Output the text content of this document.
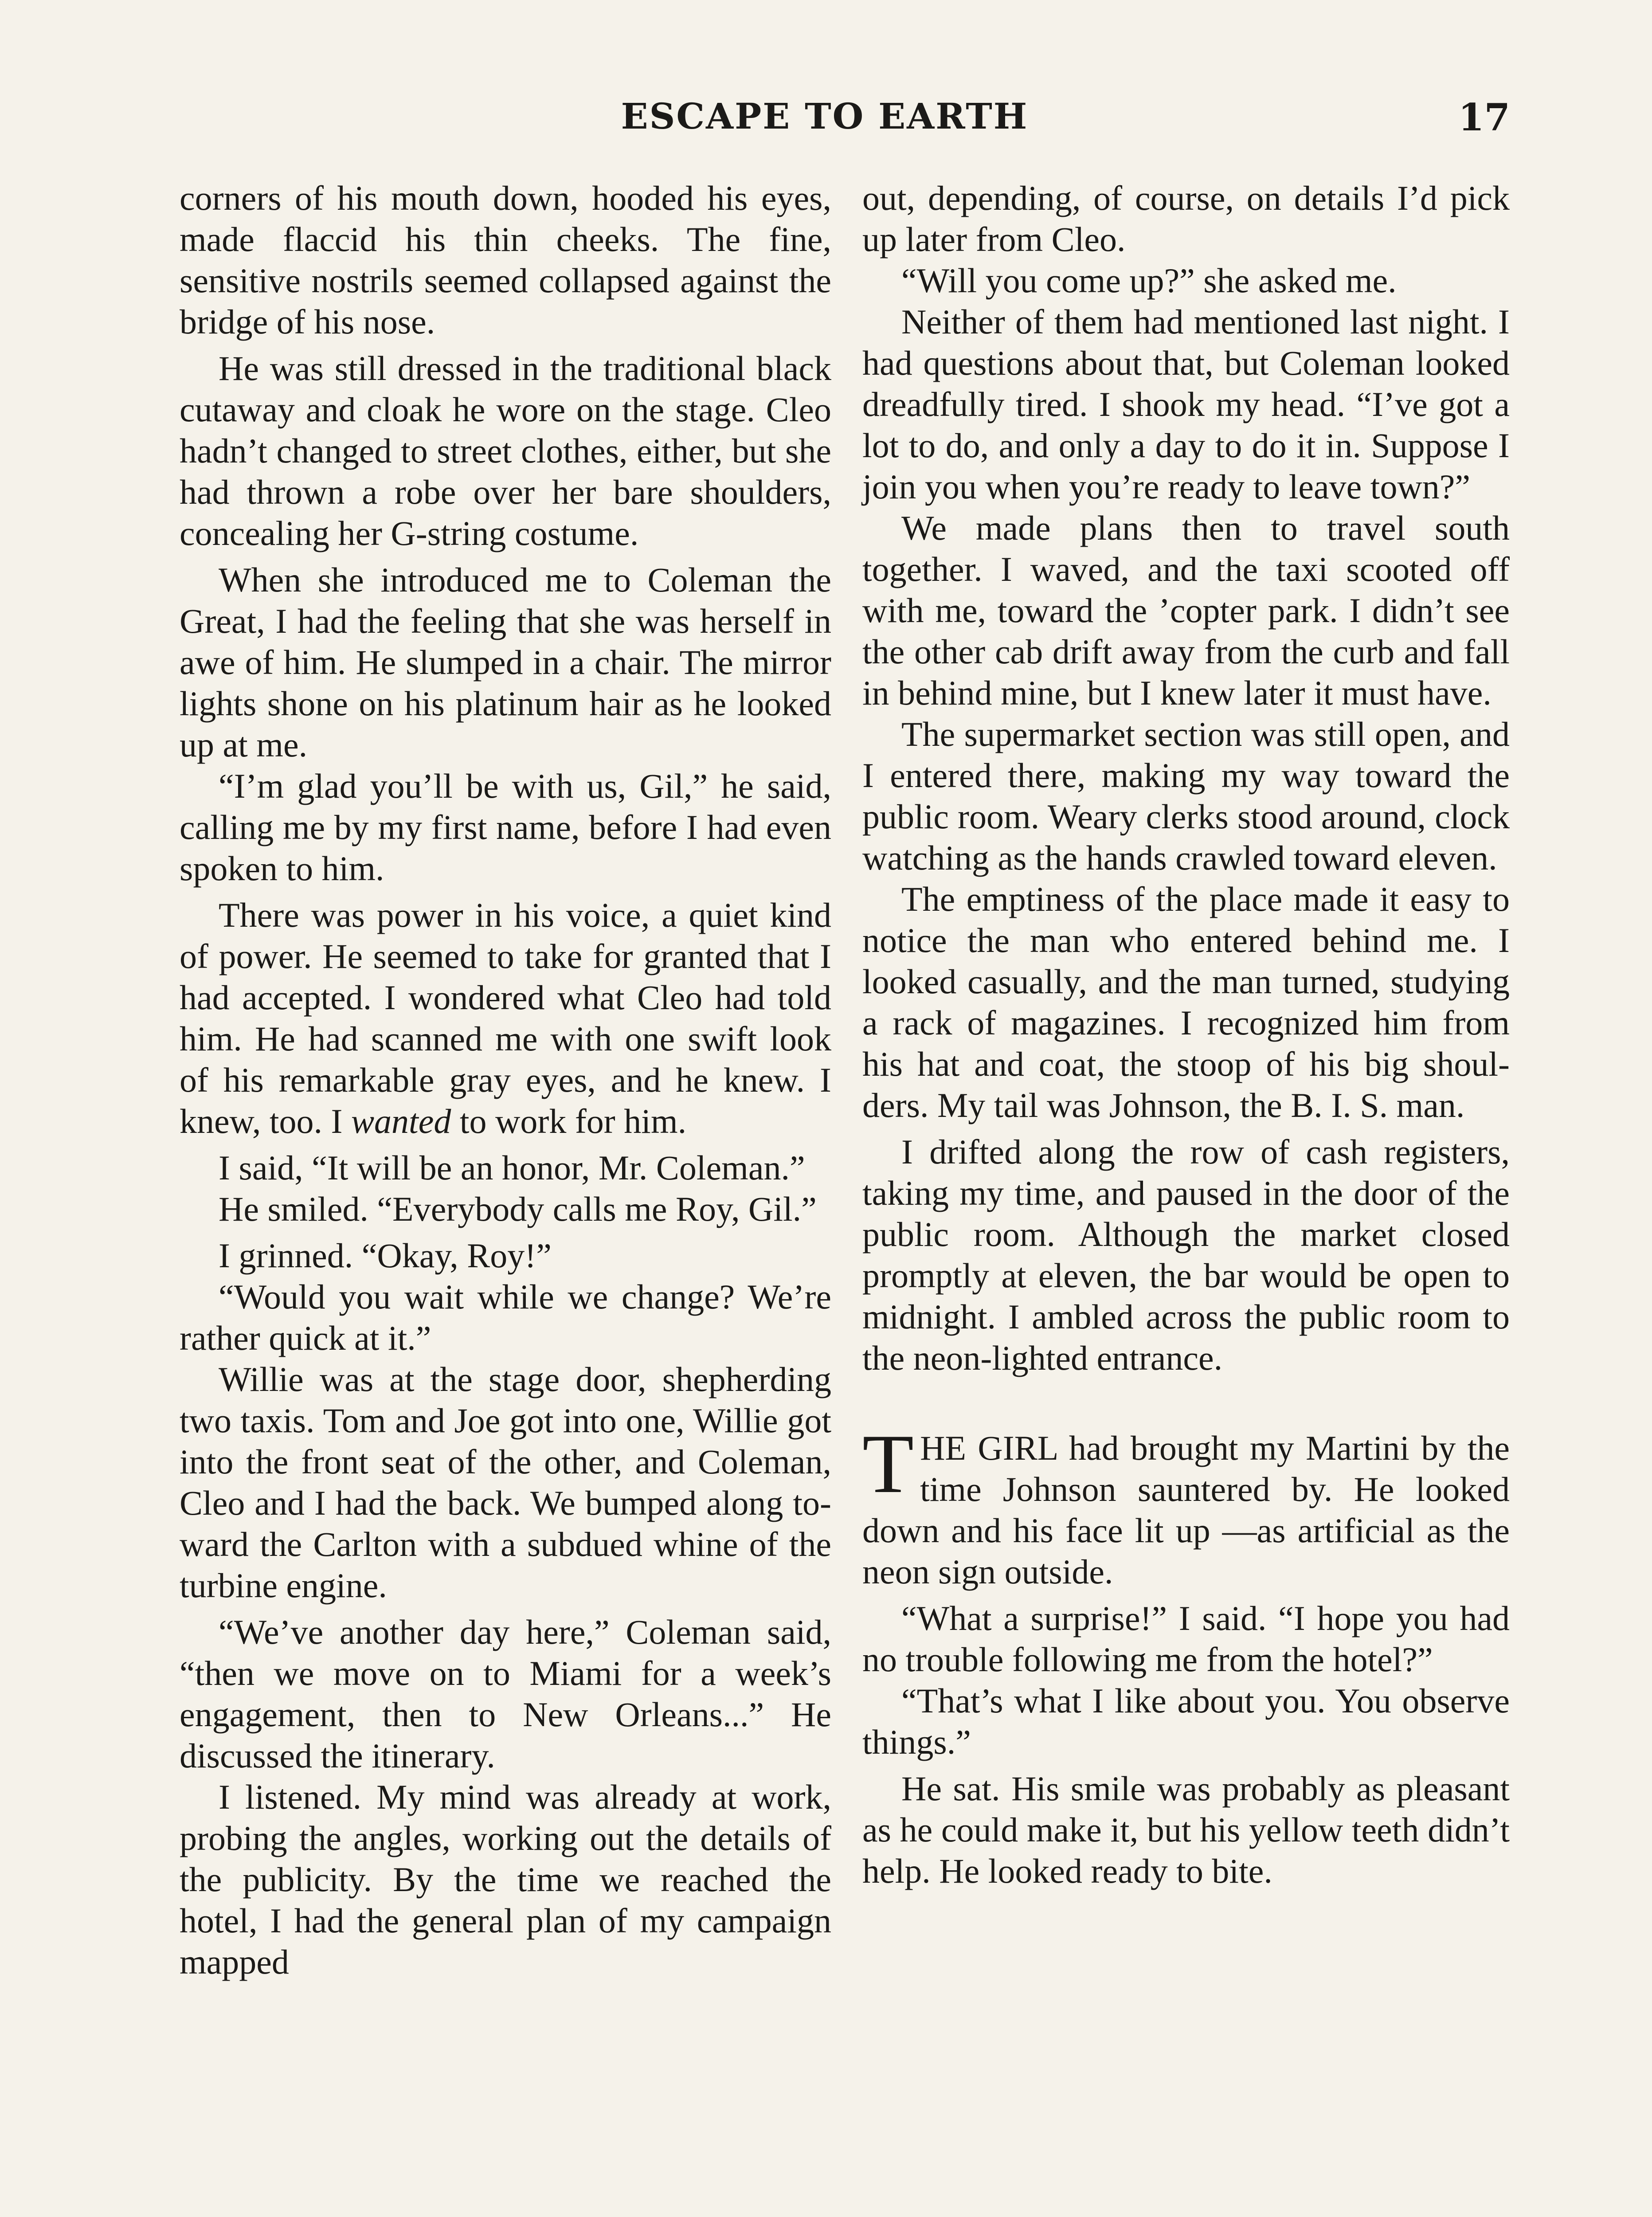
ESCAPE TO EARTH	17

corners of his mouth down, hooded his eyes, made flaccid his thin cheeks. The fine, sensitive nostrils seemed collapsed against the bridge of his nose.

He was still dressed in the traditional black cutaway and cloak he wore on the stage. Cleo hadn’t changed to street clothes, either, but she had thrown a robe over her bare shoulders, concealing her G-string costume.

When she introduced me to Coleman the Great, I had the feeling that she was herself in awe of him. He slumped in a chair. The mirror lights shone on his platinum hair as he looked up at me.

“I’m glad you’ll be with us, Gil,” he said, calling me by my first name, before I had even spoken to him.

There was power in his voice, a quiet kind of power. He seemed to take for granted that I had accepted. I wondered what Cleo had told him. He had scanned me with one swift look of his remarkable gray eyes, and he knew. I knew, too. I wanted to work for him.

I said, “It will be an honor, Mr. Coleman.”

He smiled. “Everybody calls me Roy, Gil.”

I grinned. “Okay, Roy!”

“Would you wait while we change? We’re rather quick at it.”

Willie was at the stage door, shepherding two taxis. Tom and Joe got into one, Willie got into the front seat of the other, and Coleman, Cleo and I had the back. We bumped along toward the Carlton with a subdued whine of the turbine engine.

“We’ve another day here,” Coleman said, “then we move on to Miami for a week’s engagement, then to New Orleans...” He discussed the itinerary.

I listened. My mind was already at work, probing the angles, working out the details of the publicity. By the time we reached the hotel, I had the general plan of my campaign mapped

out, depending, of course, on details I’d pick up later from Cleo.

“Will you come up?” she asked me.

Neither of them had mentioned last night. I had questions about that, but Coleman looked dreadfully tired. I shook my head. “I’ve got a lot to do, and only a day to do it in. Suppose I join you when you’re ready to leave town?”

We made plans then to travel south together. I waved, and the taxi scooted off with me, toward the ’copter park. I didn’t see the other cab drift away from the curb and fall in behind mine, but I knew later it must have.

The supermarket section was still open, and I entered there, making my way toward the public room. Weary clerks stood around, clock watching as the hands crawled toward eleven.

The emptiness of the place made it easy to notice the man who entered behind me. I looked casually, and the man turned, studying a rack of magazines. I recognized him from his hat and coat, the stoop of his big shoulders. My tail was Johnson, the B. I. S. man.

I drifted along the row of cash registers, taking my time, and paused in the door of the public room. Although the market closed promptly at eleven, the bar would be open to midnight. I ambled across the public room to the neon-lighted entrance.

THE GIRL had brought my Martini by the time Johnson sauntered by. He looked down and his face lit up —as artificial as the neon sign outside.

“What a surprise!” I said. “I hope you had no trouble following me from the hotel?”

“That’s what I like about you. You observe things.”

He sat. His smile was probably as pleasant as he could make it, but his yellow teeth didn’t help. He looked ready to bite.
